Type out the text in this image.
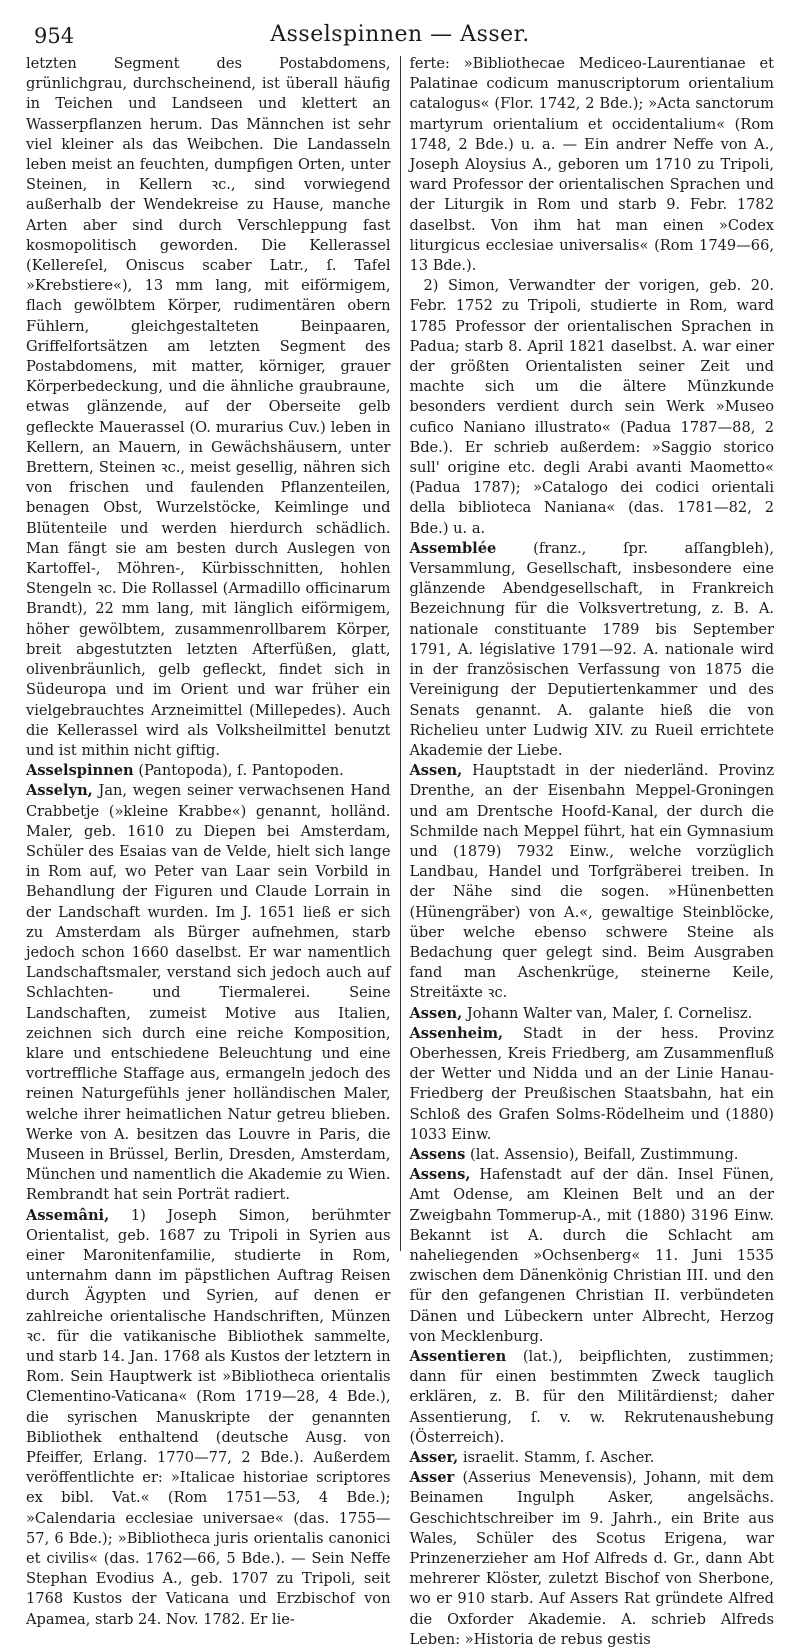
954	Asselspinnen — Asser.

letzten Segment des Postabdomens, grünlichgrau, durchscheinend, ist überall häufig in Teichen und Landseen und klettert an Wasserpflanzen herum. Das Männchen ist sehr viel kleiner als das Weibchen. Die Landasseln leben meist an feuchten, dumpfigen Orten, unter Steinen, in Kellern ꝛc., sind vorwiegend außerhalb der Wendekreise zu Hause, manche Arten aber sind durch Verschleppung fast kosmopolitisch geworden. Die Kellerassel (Kellereſel, Oniscus scaber Latr., ſ. Tafel »Krebstiere«), 13 mm lang, mit eiförmigem, flach gewölbtem Körper, rudimentären obern Fühlern, gleichgestalteten Beinpaaren, Griffelfortsätzen am letzten Segment des Postabdomens, mit matter, körniger, grauer Körperbedeckung, und die ähnliche graubraune, etwas glänzende, auf der Oberseite gelb gefleckte Mauerassel (O. murarius Cuv.) leben in Kellern, an Mauern, in Gewächshäusern, unter Brettern, Steinen ꝛc., meist gesellig, nähren sich von frischen und faulenden Pflanzenteilen, benagen Obst, Wurzelstöcke, Keimlinge und Blütenteile und werden hierdurch schädlich. Man fängt sie am besten durch Auslegen von Kartoffel-, Möhren-, Kürbisschnitten, hohlen Stengeln ꝛc. Die Rollassel (Armadillo officinarum Brandt), 22 mm lang, mit länglich eiförmigem, höher gewölbtem, zusammenrollbarem Körper, breit abgestutzten letzten Afterfüßen, glatt, olivenbräunlich, gelb gefleckt, findet sich in Südeuropa und im Orient und war früher ein vielgebrauchtes Arzneimittel (Millepedes). Auch die Kellerassel wird als Volksheilmittel benutzt und ist mithin nicht giftig.

Asselspinnen (Pantopoda), ſ. Pantopoden.

Asselyn, Jan, wegen seiner verwachsenen Hand Crabbetje (»kleine Krabbe«) genannt, holländ. Maler, geb. 1610 zu Diepen bei Amsterdam, Schüler des Esaias van de Velde, hielt sich lange in Rom auf, wo Peter van Laar sein Vorbild in Behandlung der Figuren und Claude Lorrain in der Landschaft wurden. Im J. 1651 ließ er sich zu Amsterdam als Bürger aufnehmen, starb jedoch schon 1660 daselbst. Er war namentlich Landschaftsmaler, verstand sich jedoch auch auf Schlachten- und Tiermalerei. Seine Landschaften, zumeist Motive aus Italien, zeichnen sich durch eine reiche Komposition, klare und entschiedene Beleuchtung und eine vortreffliche Staffage aus, ermangeln jedoch des reinen Naturgefühls jener holländischen Maler, welche ihrer heimatlichen Natur getreu blieben. Werke von A. besitzen das Louvre in Paris, die Museen in Brüssel, Berlin, Dresden, Amsterdam, München und namentlich die Akademie zu Wien. Rembrandt hat sein Porträt radiert.

Assemâni, 1) Joseph Simon, berühmter Orientalist, geb. 1687 zu Tripoli in Syrien aus einer Maronitenfamilie, studierte in Rom, unternahm dann im päpstlichen Auftrag Reisen durch Ägypten und Syrien, auf denen er zahlreiche orientalische Handschriften, Münzen ꝛc. für die vatikanische Bibliothek sammelte, und starb 14. Jan. 1768 als Kustos der letztern in Rom. Sein Hauptwerk ist »Bibliotheca orientalis Clementino-Vaticana« (Rom 1719—28, 4 Bde.), die syrischen Manuskripte der genannten Bibliothek enthaltend (deutsche Ausg. von Pfeiffer, Erlang. 1770—77, 2 Bde.). Außerdem veröffentlichte er: »Italicae historiae scriptores ex bibl. Vat.« (Rom 1751—53, 4 Bde.); »Calendaria ecclesiae universae« (das. 1755—57, 6 Bde.); »Bibliotheca juris orientalis canonici et civilis« (das. 1762—66, 5 Bde.). — Sein Neffe Stephan Evodius A., geb. 1707 zu Tripoli, seit 1768 Kustos der Vaticana und Erzbischof von Apamea, starb 24. Nov. 1782. Er lie-

ferte: »Bibliothecae Mediceo-Laurentianae et Palatinae codicum manuscriptorum orientalium catalogus« (Flor. 1742, 2 Bde.); »Acta sanctorum martyrum orientalium et occidentalium« (Rom 1748, 2 Bde.) u. a. — Ein andrer Neffe von A., Joseph Aloysius A., geboren um 1710 zu Tripoli, ward Professor der orientalischen Sprachen und der Liturgik in Rom und starb 9. Febr. 1782 daselbst. Von ihm hat man einen »Codex liturgicus ecclesiae universalis« (Rom 1749—66, 13 Bde.).

2) Simon, Verwandter der vorigen, geb. 20. Febr. 1752 zu Tripoli, studierte in Rom, ward 1785 Professor der orientalischen Sprachen in Padua; starb 8. April 1821 daselbst. A. war einer der größten Orientalisten seiner Zeit und machte sich um die ältere Münzkunde besonders verdient durch sein Werk »Museo cufico Naniano illustrato« (Padua 1787—88, 2 Bde.). Er schrieb außerdem: »Saggio storico sull' origine etc. degli Arabi avanti Maometto« (Padua 1787); »Catalogo dei codici orientali della biblioteca Naniana« (das. 1781—82, 2 Bde.) u. a.

Assemblée	(franz., ſpr. aſſangbleh), Versammlung, Gesellschaft, insbesondere eine glänzende Abendgesellschaft, in Frankreich Bezeichnung für die Volksvertretung, z. B. A. nationale constituante 1789 bis September 1791, A. législative 1791—92. A. nationale wird in der französischen Verfassung von 1875 die Vereinigung der Deputiertenkammer und des Senats genannt. A. galante hieß die von Richelieu unter Ludwig XIV. zu Rueil errichtete Akademie der Liebe.

Assen, Hauptstadt in der niederländ. Provinz Drenthe, an der Eisenbahn Meppel-Groningen und am Drentsche Hoofd-Kanal, der durch die Schmilde nach Meppel führt, hat ein Gymnasium und (1879) 7932 Einw., welche vorzüglich Landbau, Handel und Torfgräberei treiben. In der Nähe sind die sogen. »Hünenbetten (Hünengräber) von A.«, gewaltige Steinblöcke, über welche ebenso schwere Steine als Bedachung quer gelegt sind. Beim Ausgraben fand man Aschenkrüge, steinerne Keile, Streitäxte ꝛc.

Assen, Johann Walter van, Maler, ſ. Cornelisz.

Assenheim, Stadt in der hess. Provinz Oberhessen, Kreis Friedberg, am Zusammenfluß der Wetter und Nidda und an der Linie Hanau-Friedberg der Preußischen Staatsbahn, hat ein Schloß des Grafen Solms-Rödelheim und (1880) 1033 Einw.

Assens (lat. Assensio), Beifall, Zustimmung.

Assens, Hafenstadt auf der dän. Insel Fünen, Amt Odense, am Kleinen Belt und an der Zweigbahn Tommerup-A., mit (1880) 3196 Einw. Bekannt ist A. durch die Schlacht am naheliegenden »Ochsenberg« 11. Juni 1535 zwischen dem Dänenkönig Christian III. und den für den gefangenen Christian II. verbündeten Dänen und Lübeckern unter Albrecht, Herzog von Mecklenburg.

Assentieren (lat.), beipflichten, zustimmen; dann für einen bestimmten Zweck tauglich erklären, z. B. für den Militärdienst; daher Assentierung, ſ. v. w. Rekrutenaushebung (Österreich).

Asser, israelit. Stamm, ſ. Ascher.

Asser (Asserius Menevensis), Johann, mit dem Beinamen Ingulph Asker, angelsächs. Geschichtschreiber im 9. Jahrh., ein Brite aus Wales, Schüler des Scotus Erigena, war Prinzenerzieher am Hof Alfreds d. Gr., dann Abt mehrerer Klöster, zuletzt Bischof von Sherbone, wo er 910 starb. Auf Assers Rat gründete Alfred die Oxforder Akademie. A. schrieb Alfreds Leben: »Historia de rebus gestis
